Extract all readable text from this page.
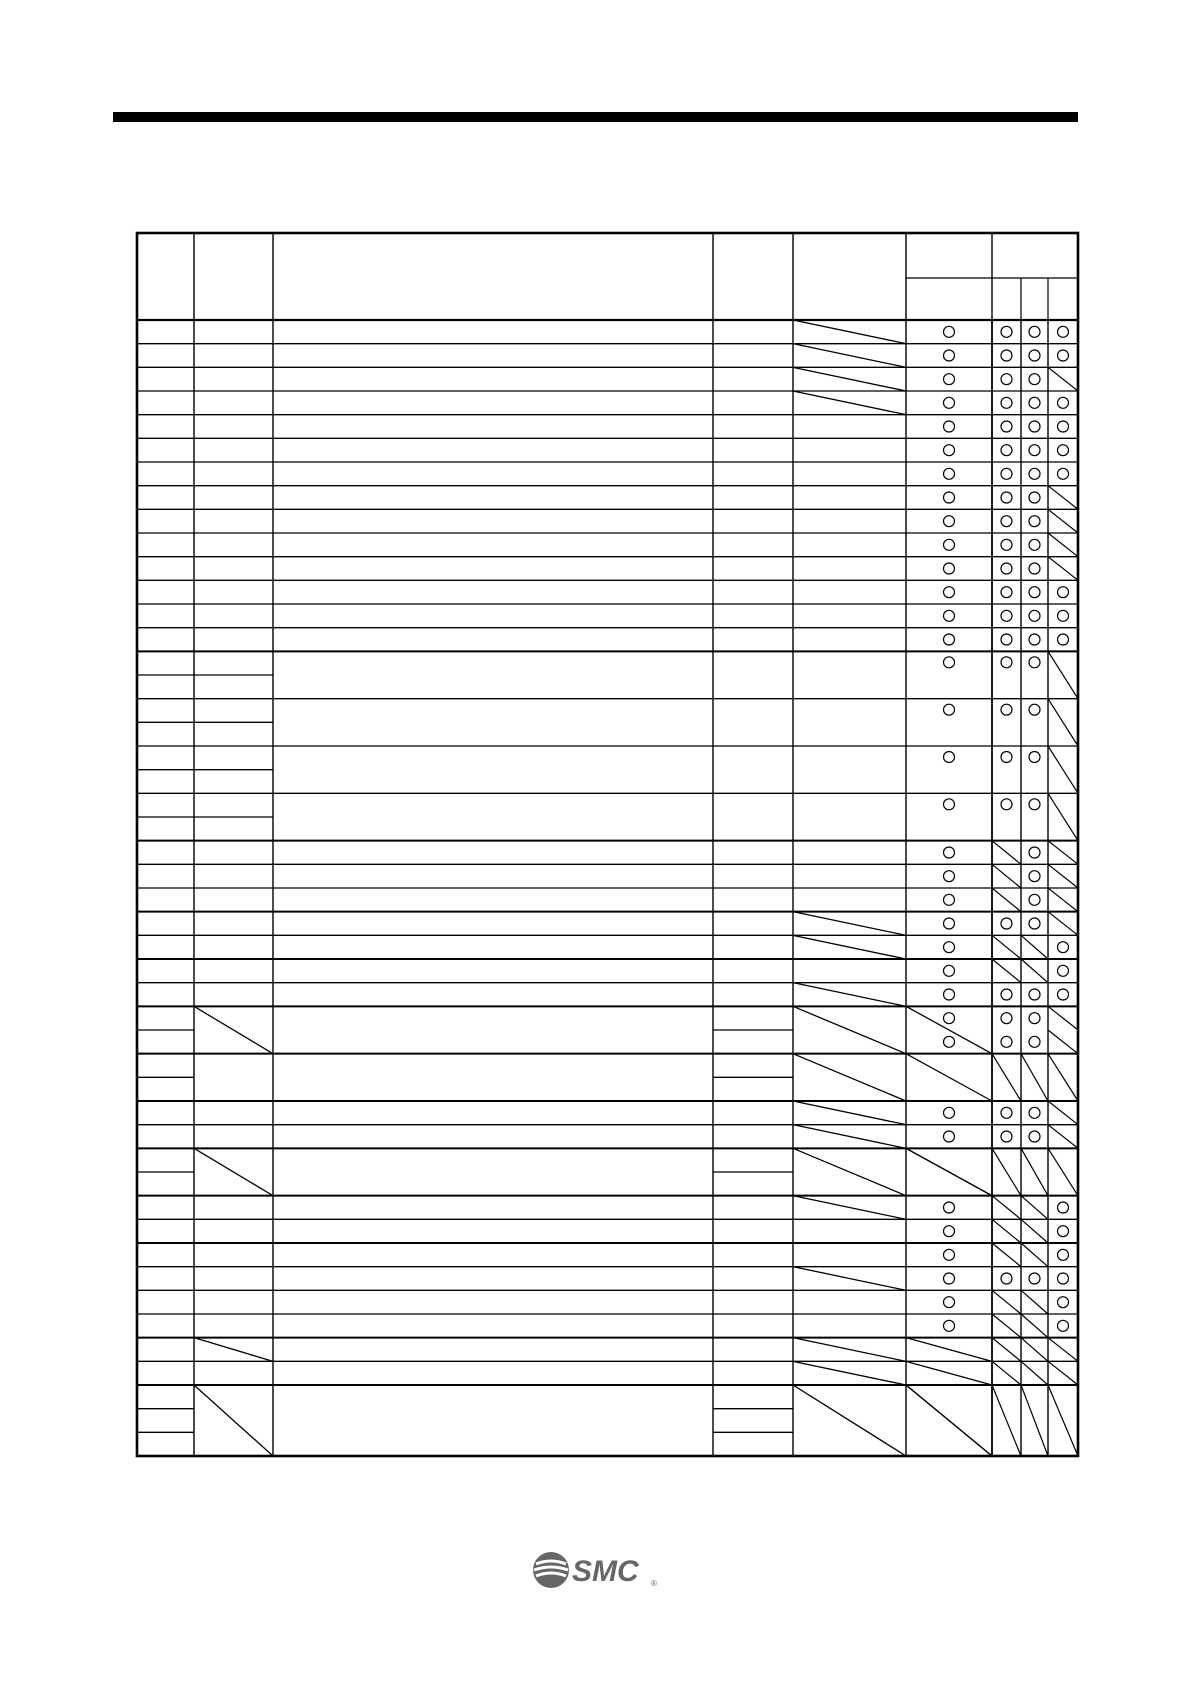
SMC ®
